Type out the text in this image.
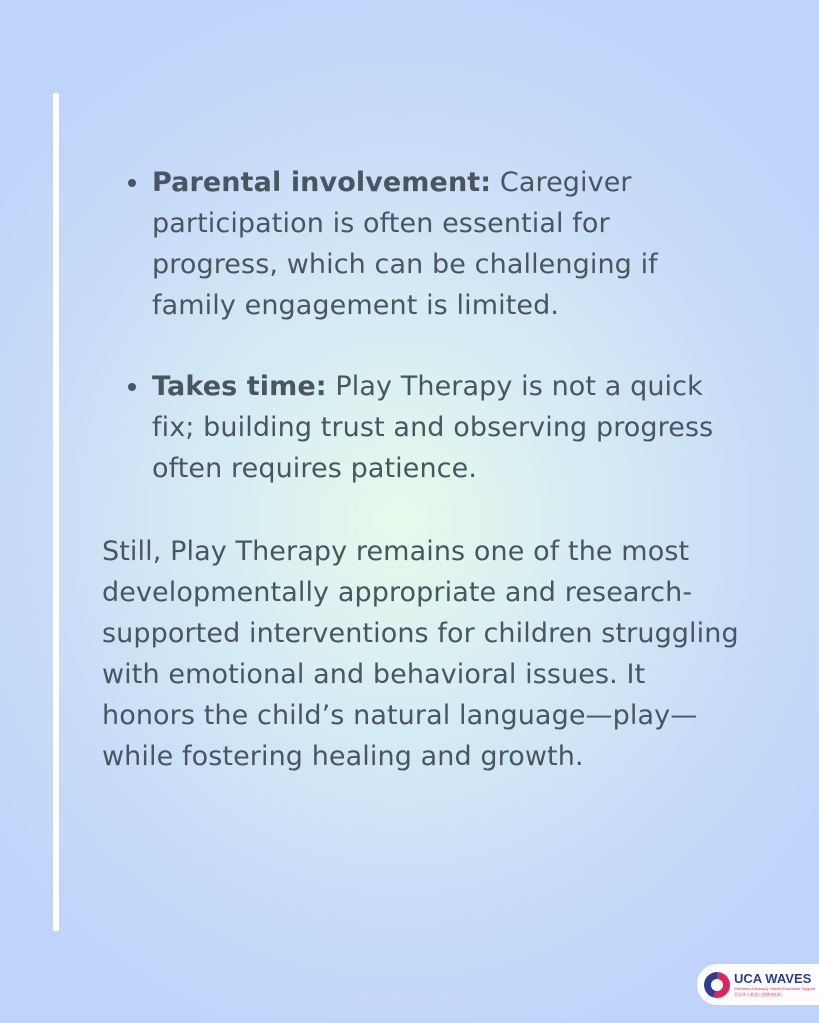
Parental involvement: Caregiver participation is often essential for progress, which can be challenging if family engagement is limited.
Takes time: Play Therapy is not a quick fix; building trust and observing progress often requires patience.

Still, Play Therapy remains one of the most developmentally appropriate and research-supported interventions for children struggling with emotional and behavioral issues. It honors the child’s natural language—play—while fostering healing and growth.

@uca.waves
UCA WAVES
Wellness Advocacy Voices Education Support
美国华人联盟心理健康组织
